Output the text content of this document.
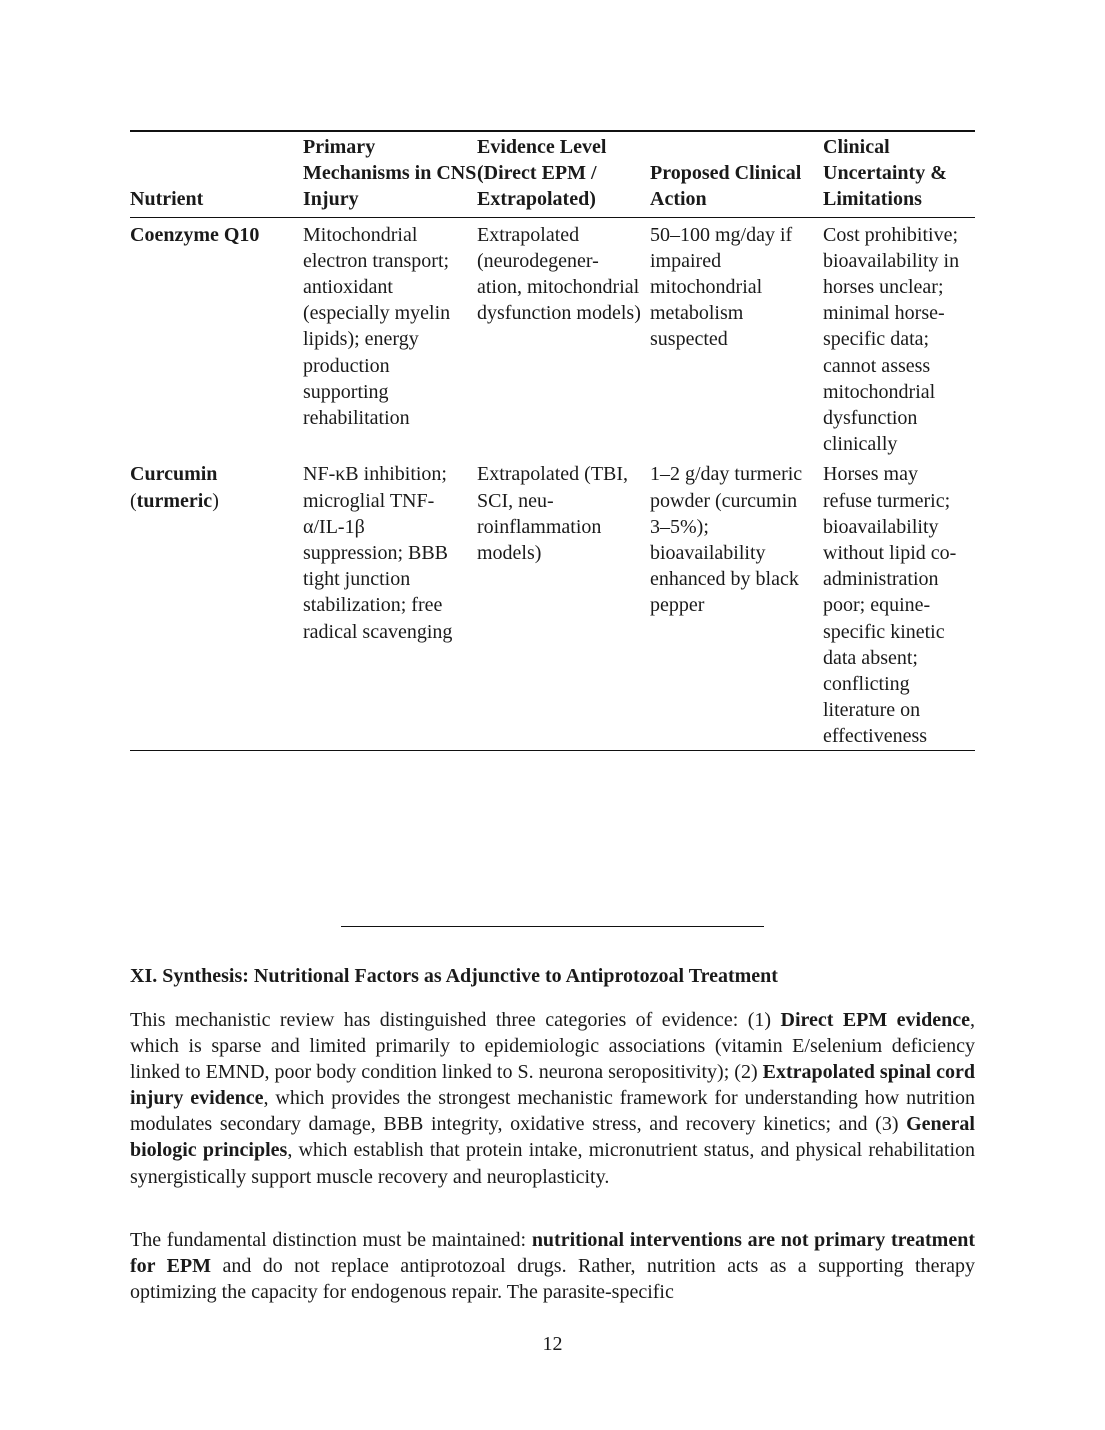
Nutrient	Primary Mechanisms in CNS Injury	Evidence Level (Direct EPM / Extrapolated)	Proposed Clinical Action	Clinical Uncertainty & Limitations

Coenzyme Q10	Mitochondrial electron transport; antioxidant (especially myelin lipids); energy production supporting rehabilitation	Extrapolated (neurodegener-ation, mitochondrial dysfunction models)	50–100 mg/day if impaired mitochondrial metabolism suspected	Cost prohibitive; bioavailability in horses unclear; minimal horse-specific data; cannot assess mitochondrial dysfunction clinically

Curcumin
(turmeric)	NF-κB inhibition; microglial TNF-α/IL-1β suppression; BBB tight junction stabilization; free radical scavenging	Extrapolated (TBI, SCI, neu-roinflammation models)	1–2 g/day turmeric powder (curcumin 3–5%); bioavailability enhanced by black pepper	Horses may refuse turmeric; bioavailability without lipid co-administration poor; equine-specific kinetic data absent; conflicting literature on effectiveness
XI. Synthesis: Nutritional Factors as Adjunctive to Antiprotozoal Treatment

This mechanistic review has distinguished three categories of evidence: (1) Direct EPM evidence, which is sparse and limited primarily to epidemiologic associations (vitamin E/selenium deficiency linked to EMND, poor body condition linked to S. neurona seropositivity); (2) Extrapolated spinal cord injury evidence, which provides the strongest mechanistic framework for understanding how nutrition modulates secondary damage, BBB integrity, oxidative stress, and recovery kinetics; and (3) General biologic principles, which establish that protein intake, micronutrient status, and physical rehabilitation synergistically support muscle recovery and neuroplasticity.

The fundamental distinction must be maintained: nutritional interventions are not primary treatment for EPM and do not replace antiprotozoal drugs. Rather, nutrition acts as a supporting therapy optimizing the capacity for endogenous repair. The parasite-specific

12
